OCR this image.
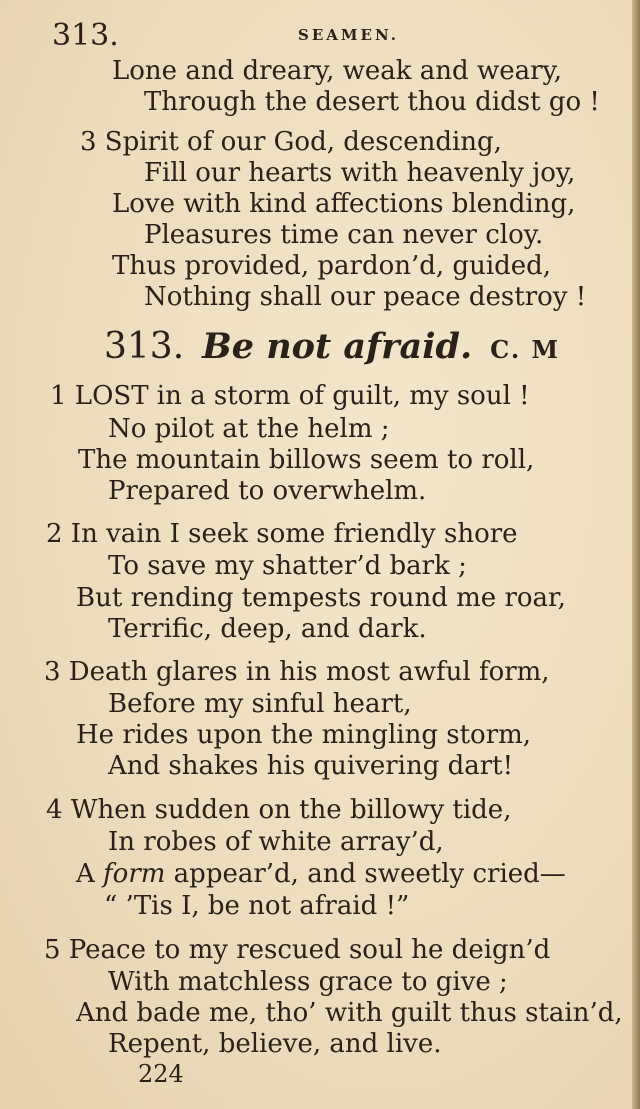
313.	SEAMEN.
Lone and dreary, weak and weary,
Through the desert thou didst go !
3 Spirit of our God, descending,
Fill our hearts with heavenly joy,
Love with kind affections blending,
Pleasures time can never cloy.
Thus provided, pardon’d, guided,
Nothing shall our peace destroy !
313. Be not afraid. C. M
1 LOST in a storm of guilt, my soul !
No pilot at the helm ;
The mountain billows seem to roll,
Prepared to overwhelm.
2 In vain I seek some friendly shore
To save my shatter’d bark ;
But rending tempests round me roar,
Terrific, deep, and dark.
3 Death glares in his most awful form,
Before my sinful heart,
He rides upon the mingling storm,
And shakes his quivering dart!
4 When sudden on the billowy tide,
In robes of white array’d,
A form appear’d, and sweetly cried—
“ ’Tis I, be not afraid !”
5 Peace to my rescued soul he deign’d
With matchless grace to give ;
And bade me, tho’ with guilt thus stain’d,
Repent, believe, and live.
224
